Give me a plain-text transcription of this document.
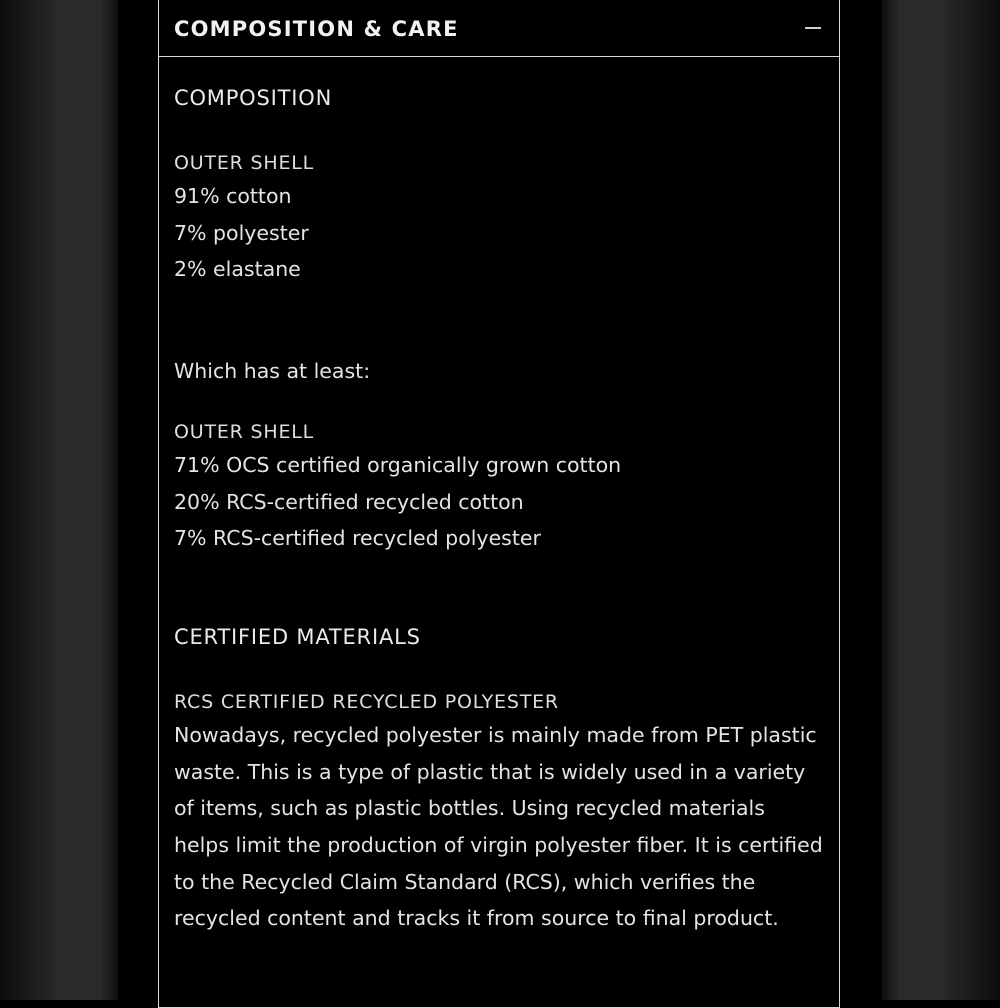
COMPOSITION & CARE
COMPOSITION
OUTER SHELL

91% cotton

7% polyester

2% elastane

Which has at least:

OUTER SHELL

71% OCS certified organically grown cotton

20% RCS-certified recycled cotton

7% RCS-certified recycled polyester

CERTIFIED MATERIALS
RCS CERTIFIED RECYCLED POLYESTER

Nowadays, recycled polyester is mainly made from PET plastic waste. This is a type of plastic that is widely used in a variety of items, such as plastic bottles. Using recycled materials helps limit the production of virgin polyester fiber. It is certified to the Recycled Claim Standard (RCS), which verifies the recycled content and tracks it from source to final product.
